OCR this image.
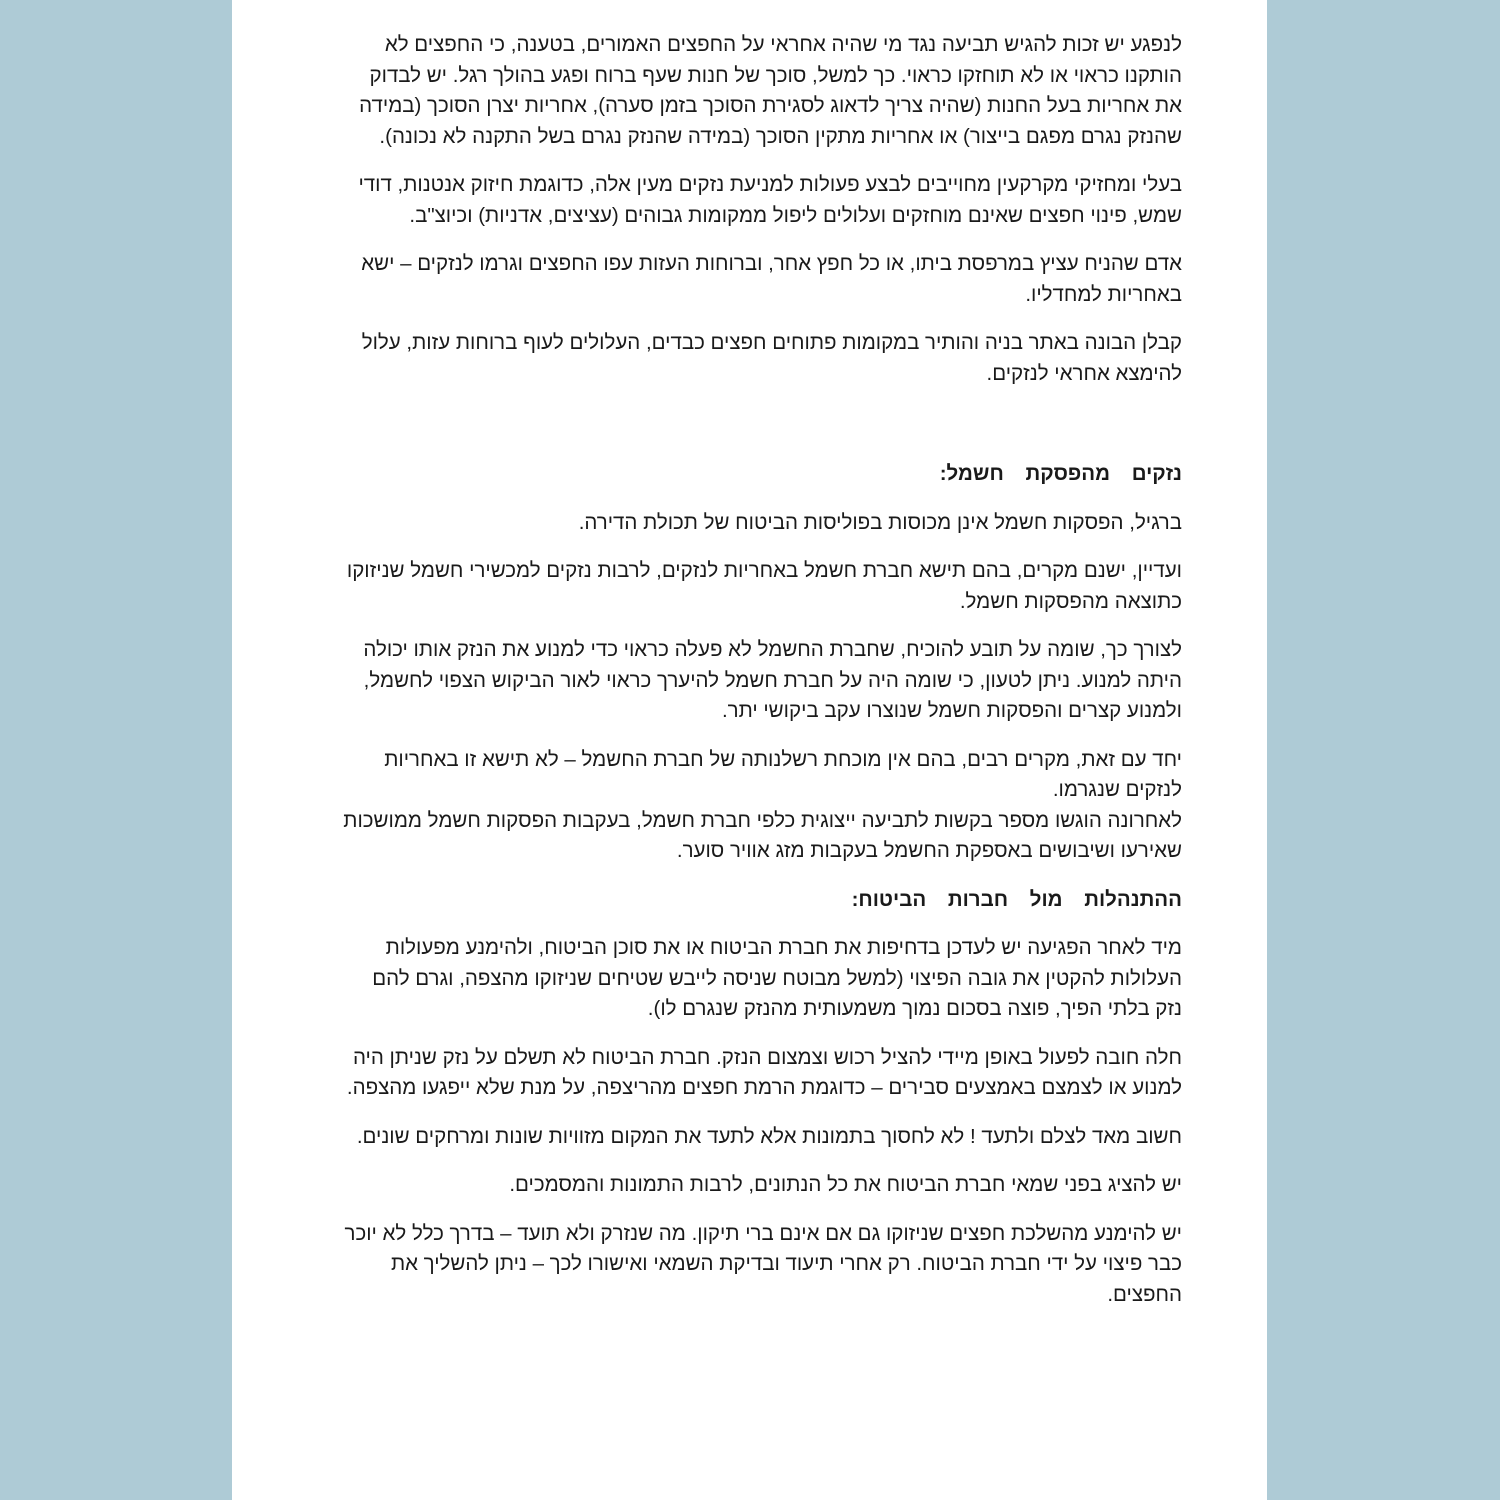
לנפגע יש זכות להגיש תביעה נגד מי שהיה אחראי על החפצים האמורים, בטענה, כי החפצים לא הותקנו כראוי או לא תוחזקו כראוי. כך למשל, סוכך של חנות שעף ברוח ופגע בהולך רגל. יש לבדוק את אחריות בעל החנות (שהיה צריך לדאוג לסגירת הסוכך בזמן סערה), אחריות יצרן הסוכך (במידה שהנזק נגרם מפגם בייצור) או אחריות מתקין הסוכך (במידה שהנזק נגרם בשל התקנה לא נכונה).

בעלי ומחזיקי מקרקעין מחוייבים לבצע פעולות למניעת נזקים מעין אלה, כדוגמת חיזוק אנטנות, דודי שמש, פינוי חפצים שאינם מוחזקים ועלולים ליפול ממקומות גבוהים (עציצים, אדניות) וכיוצ"ב.

אדם שהניח עציץ במרפסת ביתו, או כל חפץ אחר, וברוחות העזות עפו החפצים וגרמו לנזקים – ישא באחריות למחדליו.

קבלן הבונה באתר בניה והותיר במקומות פתוחים חפצים כבדים, העלולים לעוף ברוחות עזות, עלול להימצא אחראי לנזקים.

נזקים מהפסקת חשמל:

ברגיל, הפסקות חשמל אינן מכוסות בפוליסות הביטוח של תכולת הדירה.

ועדיין, ישנם מקרים, בהם תישא חברת חשמל באחריות לנזקים, לרבות נזקים למכשירי חשמל שניזוקו כתוצאה מהפסקות חשמל.

לצורך כך, שומה על תובע להוכיח, שחברת החשמל לא פעלה כראוי כדי למנוע את הנזק אותו יכולה היתה למנוע. ניתן לטעון, כי שומה היה על חברת חשמל להיערך כראוי לאור הביקוש הצפוי לחשמל, ולמנוע קצרים והפסקות חשמל שנוצרו עקב ביקושי יתר.

יחד עם זאת, מקרים רבים, בהם אין מוכחת רשלנותה של חברת החשמל – לא תישא זו באחריות לנזקים שנגרמו.

לאחרונה הוגשו מספר בקשות לתביעה ייצוגית כלפי חברת חשמל, בעקבות הפסקות חשמל ממושכות שאירעו ושיבושים באספקת החשמל בעקבות מזג אוויר סוער.

ההתנהלות מול חברות הביטוח:

מיד לאחר הפגיעה יש לעדכן בדחיפות את חברת הביטוח או את סוכן הביטוח, ולהימנע מפעולות העלולות להקטין את גובה הפיצוי (למשל מבוטח שניסה לייבש שטיחים שניזוקו מהצפה, וגרם להם נזק בלתי הפיך, פוצה בסכום נמוך משמעותית מהנזק שנגרם לו).

חלה חובה לפעול באופן מיידי להציל רכוש וצמצום הנזק. חברת הביטוח לא תשלם על נזק שניתן היה למנוע או לצמצם באמצעים סבירים – כדוגמת הרמת חפצים מהריצפה, על מנת שלא ייפגעו מהצפה.

חשוב מאד לצלם ולתעד ! לא לחסוך בתמונות אלא לתעד את המקום מזוויות שונות ומרחקים שונים.

יש להציג בפני שמאי חברת הביטוח את כל הנתונים, לרבות התמונות והמסמכים.

יש להימנע מהשלכת חפצים שניזוקו גם אם אינם ברי תיקון. מה שנזרק ולא תועד – בדרך כלל לא יוכר כבר פיצוי על ידי חברת הביטוח. רק אחרי תיעוד ובדיקת השמאי ואישורו לכך – ניתן להשליך את החפצים.
